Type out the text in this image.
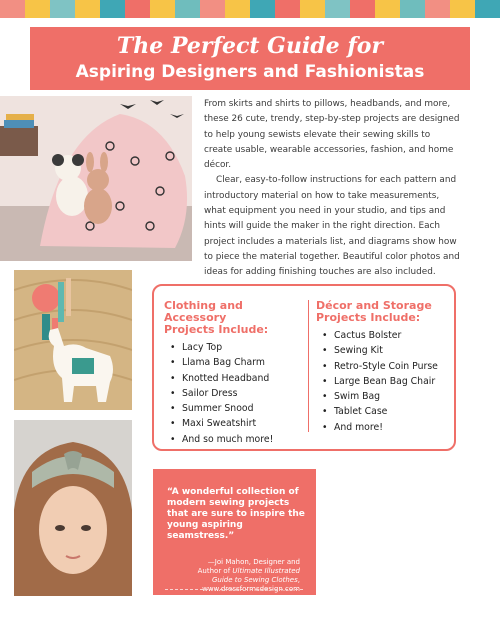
The Perfect Guide for
Aspiring Designers and Fashionistas

From skirts and shirts to pillows, headbands, and more, these 26 cute, trendy, step-by-step projects are designed to help young sewists elevate their sewing skills to create usable, wearable accessories, fashion, and home décor.

Clear, easy-to-follow instructions for each pattern and introductory material on how to take measurements, what equipment you need in your studio, and tips and hints will guide the maker in the right direction. Each project includes a materials list, and diagrams show how to piece the material together. Beautiful color photos and ideas for adding finishing touches are also included.

Clothing and Accessory
Projects Include:
• Lacy Top
• Llama Bag Charm
• Knotted Headband
• Sailor Dress
• Summer Snood
• Maxi Sweatshirt
• And so much more!
Décor and Storage
Projects Include:
• Cactus Bolster
• Sewing Kit
• Retro-Style Coin Purse
• Large Bean Bag Chair
• Swim Bag
• Tablet Case
• And more!
“A wonderful collection of modern sewing projects that are sure to inspire the young aspiring seamstress.”
—Joi Mahon, Designer and
Author of Ultimate Illustrated
Guide to Sewing Clothes,
www.dressformsdesign.com
